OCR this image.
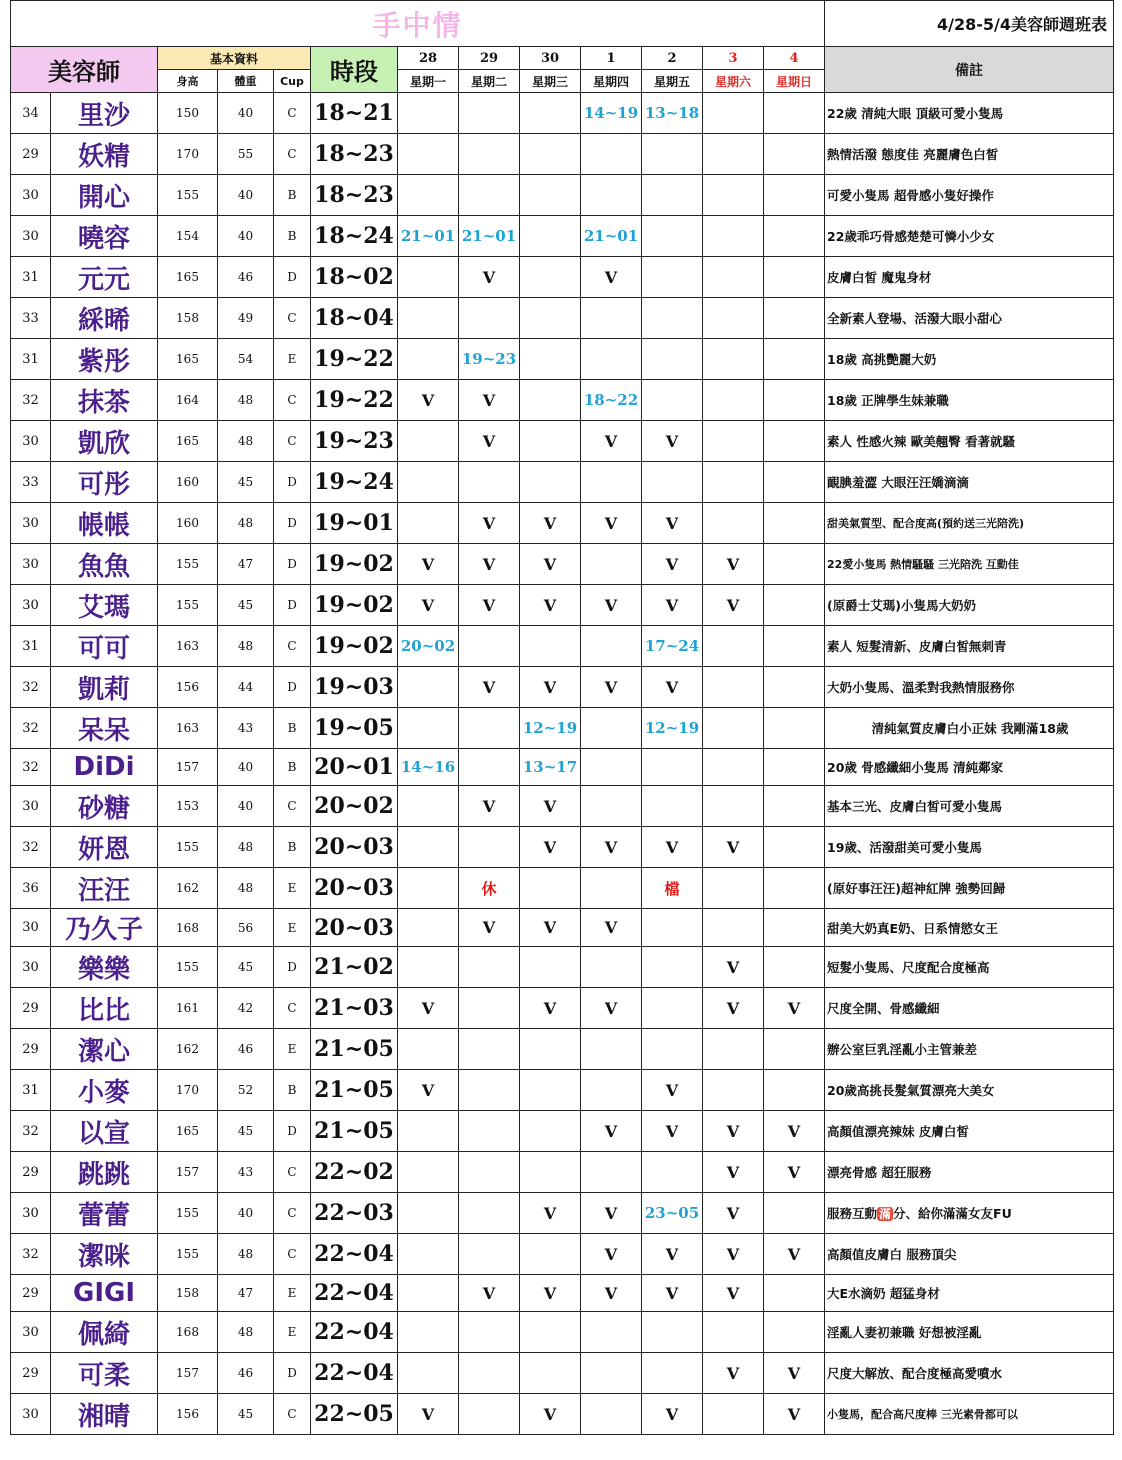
手中情													4/28-5/4美容師週班表
美容師		基本資料			時段	28	29	30	1	2	3	4	備註
		身高	體重	Cup		星期一	星期二	星期三	星期四	星期五	星期六	星期日	
34	里沙	150	40	C	18~21				14~19	13~18			22歲 清純大眼 頂級可愛小隻馬
29	妖精	170	55	C	18~23								熱情活潑 態度佳 亮麗膚色白皙
30	開心	155	40	B	18~23								可愛小隻馬 超骨感小隻好操作
30	曉容	154	40	B	18~24	21~01	21~01		21~01				22歲乖巧骨感楚楚可憐小少女
31	元元	165	46	D	18~02		V		V				皮膚白皙 魔鬼身材
33	綵晞	158	49	C	18~04								全新素人登場、活潑大眼小甜心
31	紫彤	165	54	E	19~22		19~23						18歲 高挑艷麗大奶
32	抹茶	164	48	C	19~22	V	V		18~22				18歲 正牌學生妹兼職
30	凱欣	165	48	C	19~23		V		V	V			素人 性感火辣 歐美翹臀 看著就騷
33	可彤	160	45	D	19~24								靦腆羞澀 大眼汪汪嬌滴滴
30	帳帳	160	48	D	19~01		V	V	V	V			甜美氣質型、配合度高(預約送三光陪洗)
30	魚魚	155	47	D	19~02	V	V	V		V	V		22愛小隻馬 熱情騷騷 三光陪洗 互動佳
30	艾瑪	155	45	D	19~02	V	V	V	V	V	V		(原爵士艾瑪)小隻馬大奶奶
31	可可	163	48	C	19~02	20~02				17~24			素人 短髮清新、皮膚白皙無刺青
32	凱莉	156	44	D	19~03		V	V	V	V			大奶小隻馬、溫柔對我熱情服務你
32	呆呆	163	43	B	19~05			12~19		12~19			清純氣質皮膚白小正妹 我剛滿18歲
32	DiDi	157	40	B	20~01	14~16		13~17					20歲 骨感纖細小隻馬 清純鄰家
30	砂糖	153	40	C	20~02		V	V					基本三光、皮膚白皙可愛小隻馬
32	妍恩	155	48	B	20~03			V	V	V	V		19歲、活潑甜美可愛小隻馬
36	汪汪	162	48	E	20~03		休			檔			(原好事汪汪)超神紅牌 強勢回歸
30	乃久子	168	56	E	20~03		V	V	V				甜美大奶真E奶、日系情慾女王
30	樂樂	155	45	D	21~02						V		短髮小隻馬、尺度配合度極高
29	比比	161	42	C	21~03	V		V	V		V	V	尺度全開、骨感纖細
29	潔心	162	46	E	21~05								辦公室巨乳淫亂小主管兼差
31	小麥	170	52	B	21~05	V				V			20歲高挑長髮氣質漂亮大美女
32	以宣	165	45	D	21~05				V	V	V	V	高顏值漂亮辣妹 皮膚白皙
29	跳跳	157	43	C	22~02						V	V	漂亮骨感 超狂服務
30	蕾蕾	155	40	C	22~03			V	V	23~05	V		服務互動 滿 分、給你滿滿女友FU
32	潔咪	155	48	C	22~04				V	V	V	V	高顏值皮膚白 服務頂尖
29	GIGI	158	47	E	22~04		V	V	V	V	V		大E水滴奶 超猛身材
30	佩綺	168	48	E	22~04								淫亂人妻初兼職 好想被淫亂
29	可柔	157	46	D	22~04						V	V	尺度大解放、配合度極高愛噴水
30	湘晴	156	45	C	22~05	V		V		V		V	小隻馬，配合高尺度棒 三光素骨都可以
